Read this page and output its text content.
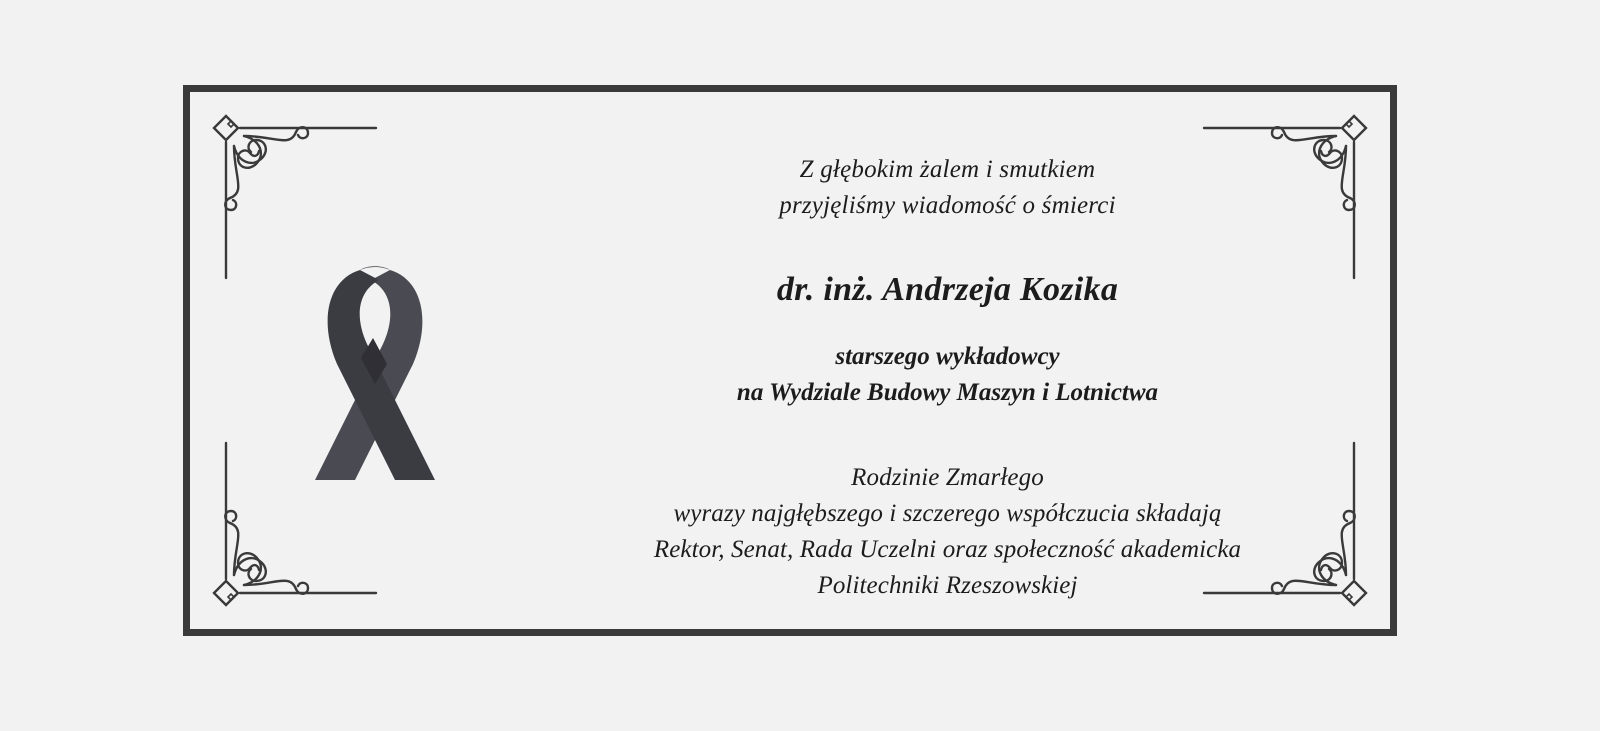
Z głębokim żalem i smutkiem
przyjęliśmy wiadomość o śmierci
dr. inż. Andrzeja Kozika
starszego wykładowcy
na Wydziale Budowy Maszyn i Lotnictwa
Rodzinie Zmarłego
wyrazy najgłębszego i szczerego współczucia składają
Rektor, Senat, Rada Uczelni oraz społeczność akademicka
Politechniki Rzeszowskiej
